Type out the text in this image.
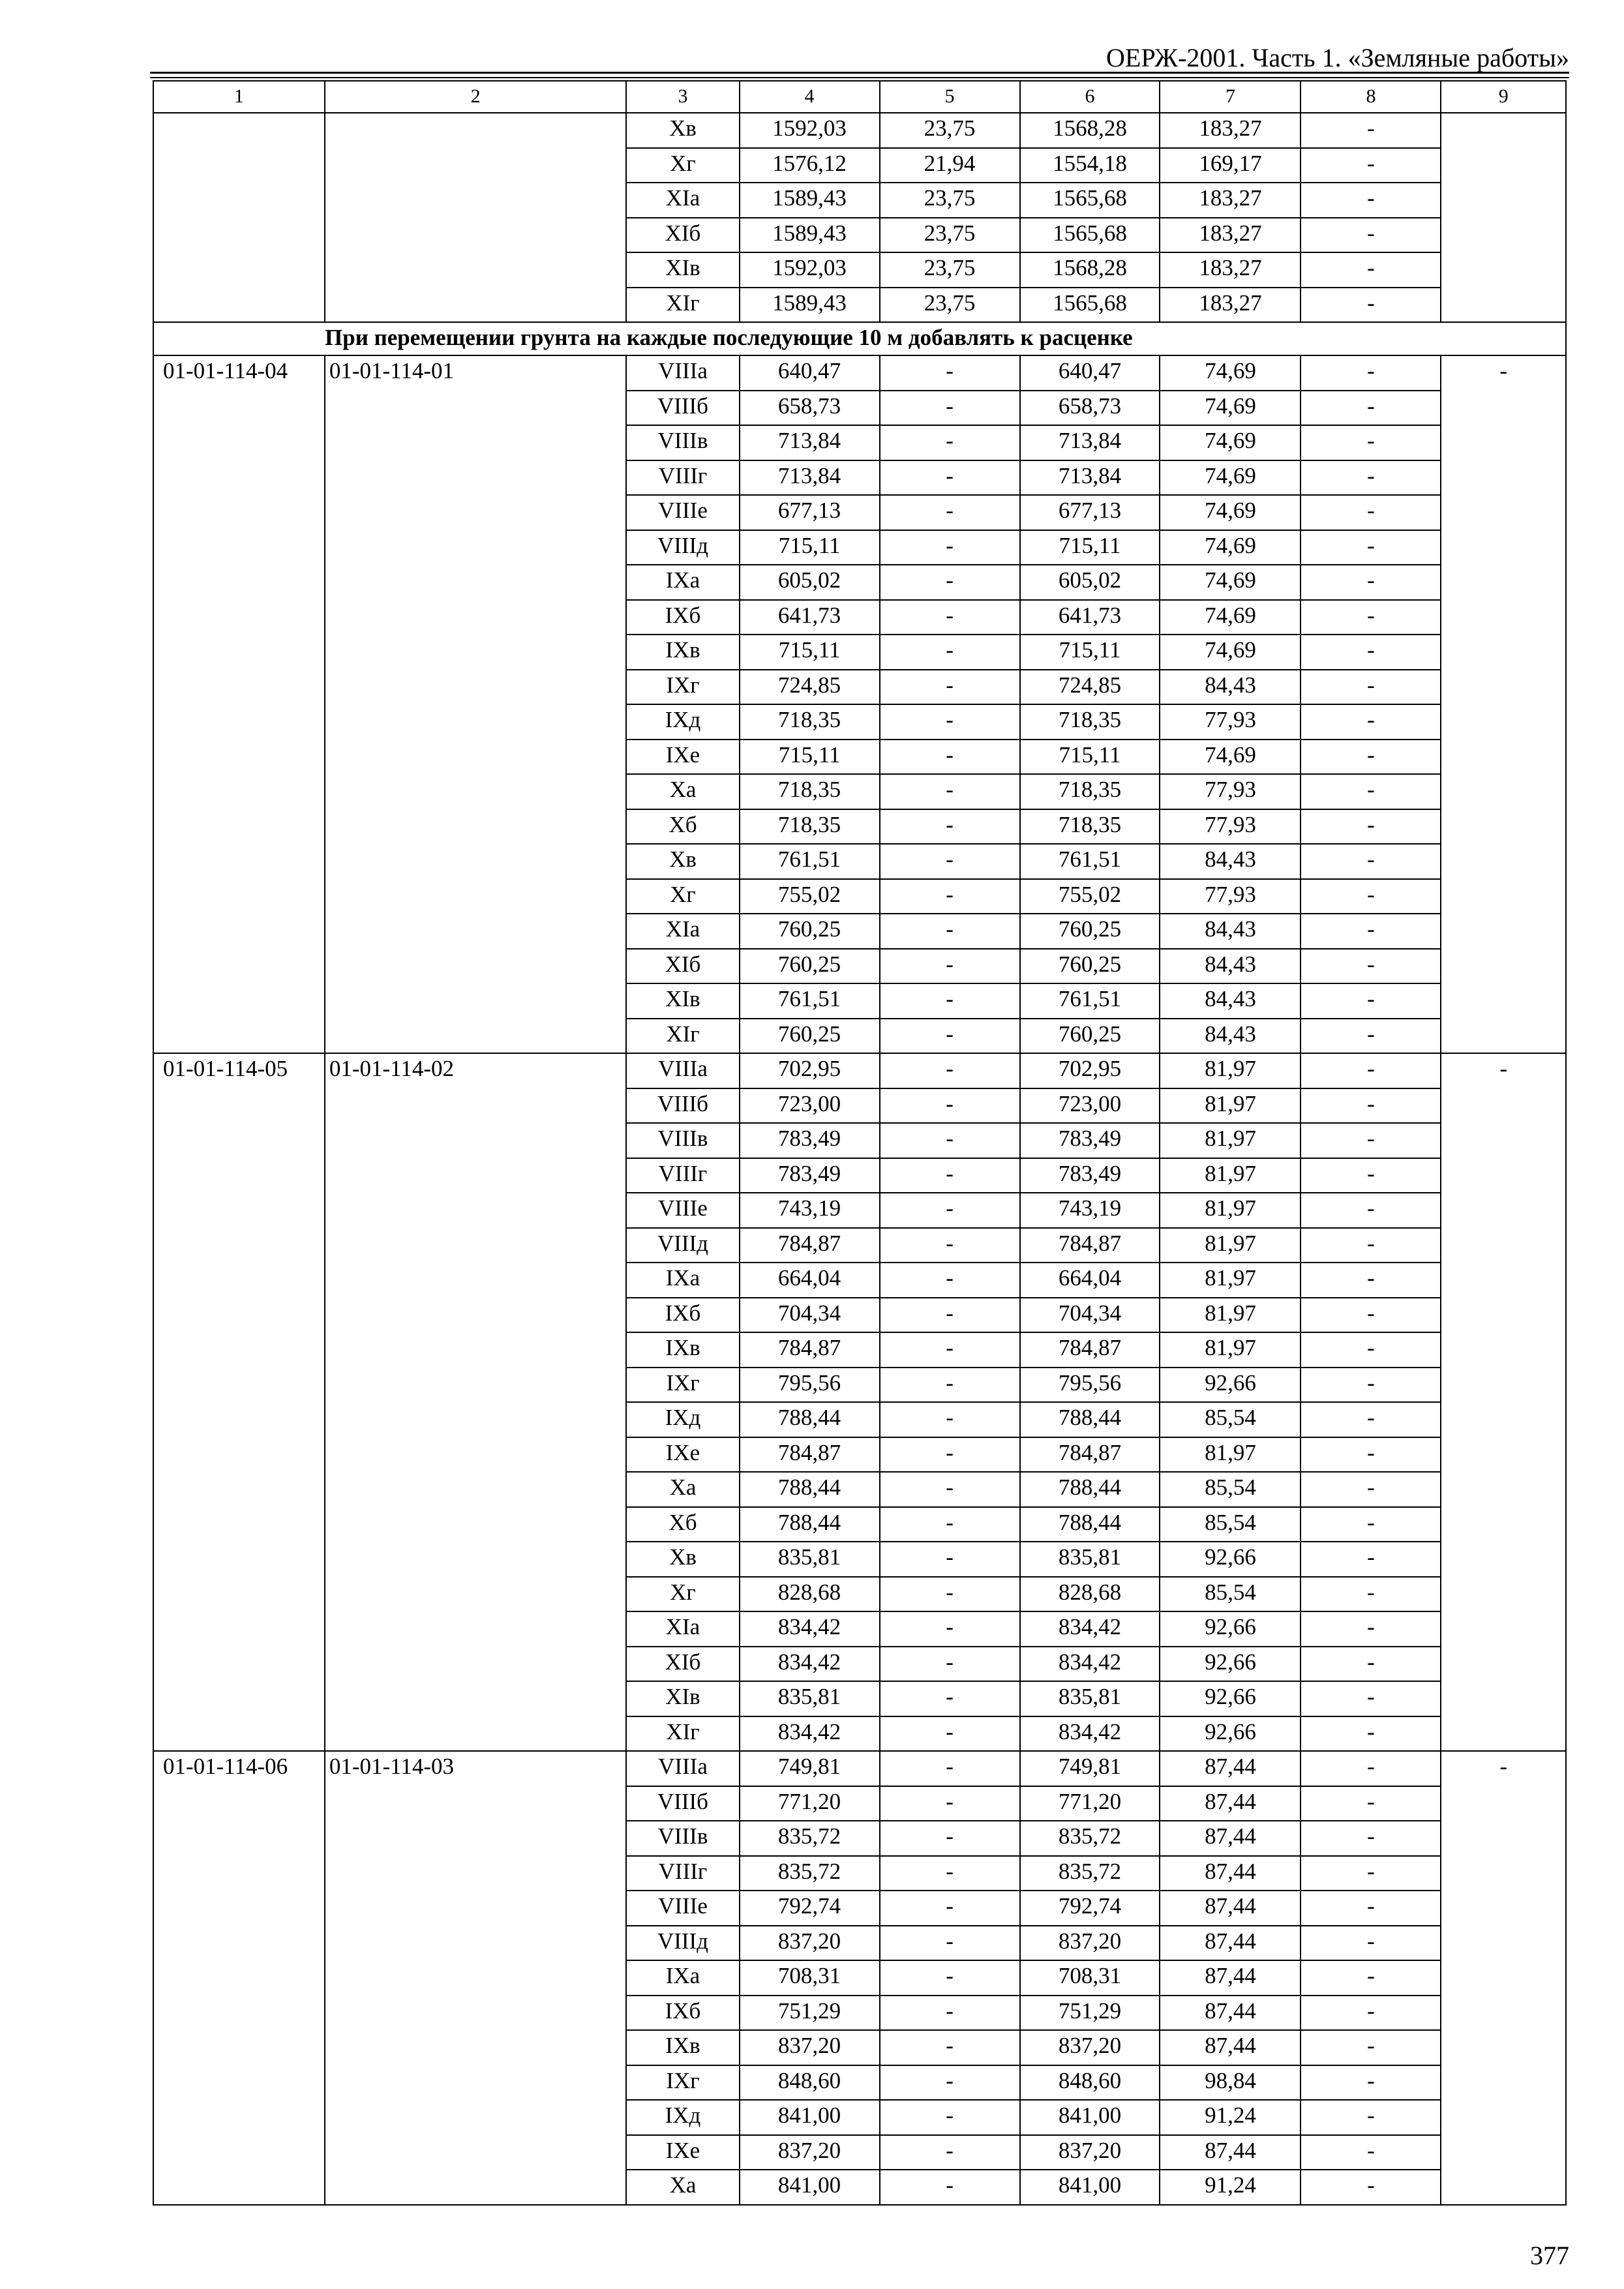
ОЕРЖ-2001. Часть 1. «Земляные работы»
1	2	3	4	5	6	7	8	9
		Хв	1592,03	23,75	1568,28	183,27	-	
		Хг	1576,12	21,94	1554,18	169,17	-	
		ХIа	1589,43	23,75	1565,68	183,27	-	
		ХIб	1589,43	23,75	1565,68	183,27	-	
		ХIв	1592,03	23,75	1568,28	183,27	-	
		ХIг	1589,43	23,75	1565,68	183,27	-	
При перемещении грунта на каждые последующие 10 м добавлять к расценке								
01-01-114-04	01-01-114-01	VIIIа	640,47	-	640,47	74,69	-	-
		VIIIб	658,73	-	658,73	74,69	-	
		VIIIв	713,84	-	713,84	74,69	-	
		VIIIг	713,84	-	713,84	74,69	-	
		VIIIе	677,13	-	677,13	74,69	-	
		VIIIд	715,11	-	715,11	74,69	-	
		IXа	605,02	-	605,02	74,69	-	
		IXб	641,73	-	641,73	74,69	-	
		IXв	715,11	-	715,11	74,69	-	
		IXг	724,85	-	724,85	84,43	-	
		IXд	718,35	-	718,35	77,93	-	
		IXе	715,11	-	715,11	74,69	-	
		Ха	718,35	-	718,35	77,93	-	
		Хб	718,35	-	718,35	77,93	-	
		Хв	761,51	-	761,51	84,43	-	
		Хг	755,02	-	755,02	77,93	-	
		ХIа	760,25	-	760,25	84,43	-	
		ХIб	760,25	-	760,25	84,43	-	
		ХIв	761,51	-	761,51	84,43	-	
		ХIг	760,25	-	760,25	84,43	-	
01-01-114-05	01-01-114-02	VIIIа	702,95	-	702,95	81,97	-	-
		VIIIб	723,00	-	723,00	81,97	-	
		VIIIв	783,49	-	783,49	81,97	-	
		VIIIг	783,49	-	783,49	81,97	-	
		VIIIе	743,19	-	743,19	81,97	-	
		VIIIд	784,87	-	784,87	81,97	-	
		IXа	664,04	-	664,04	81,97	-	
		IXб	704,34	-	704,34	81,97	-	
		IXв	784,87	-	784,87	81,97	-	
		IXг	795,56	-	795,56	92,66	-	
		IXд	788,44	-	788,44	85,54	-	
		IXе	784,87	-	784,87	81,97	-	
		Ха	788,44	-	788,44	85,54	-	
		Хб	788,44	-	788,44	85,54	-	
		Хв	835,81	-	835,81	92,66	-	
		Хг	828,68	-	828,68	85,54	-	
		ХIа	834,42	-	834,42	92,66	-	
		ХIб	834,42	-	834,42	92,66	-	
		ХIв	835,81	-	835,81	92,66	-	
		ХIг	834,42	-	834,42	92,66	-	
01-01-114-06	01-01-114-03	VIIIа	749,81	-	749,81	87,44	-	-
		VIIIб	771,20	-	771,20	87,44	-	
		VIIIв	835,72	-	835,72	87,44	-	
		VIIIг	835,72	-	835,72	87,44	-	
		VIIIе	792,74	-	792,74	87,44	-	
		VIIIд	837,20	-	837,20	87,44	-	
		IXа	708,31	-	708,31	87,44	-	
		IXб	751,29	-	751,29	87,44	-	
		IXв	837,20	-	837,20	87,44	-	
		IXг	848,60	-	848,60	98,84	-	
		IXд	841,00	-	841,00	91,24	-	
		IXе	837,20	-	837,20	87,44	-	
		Ха	841,00	-	841,00	91,24	-	
377
